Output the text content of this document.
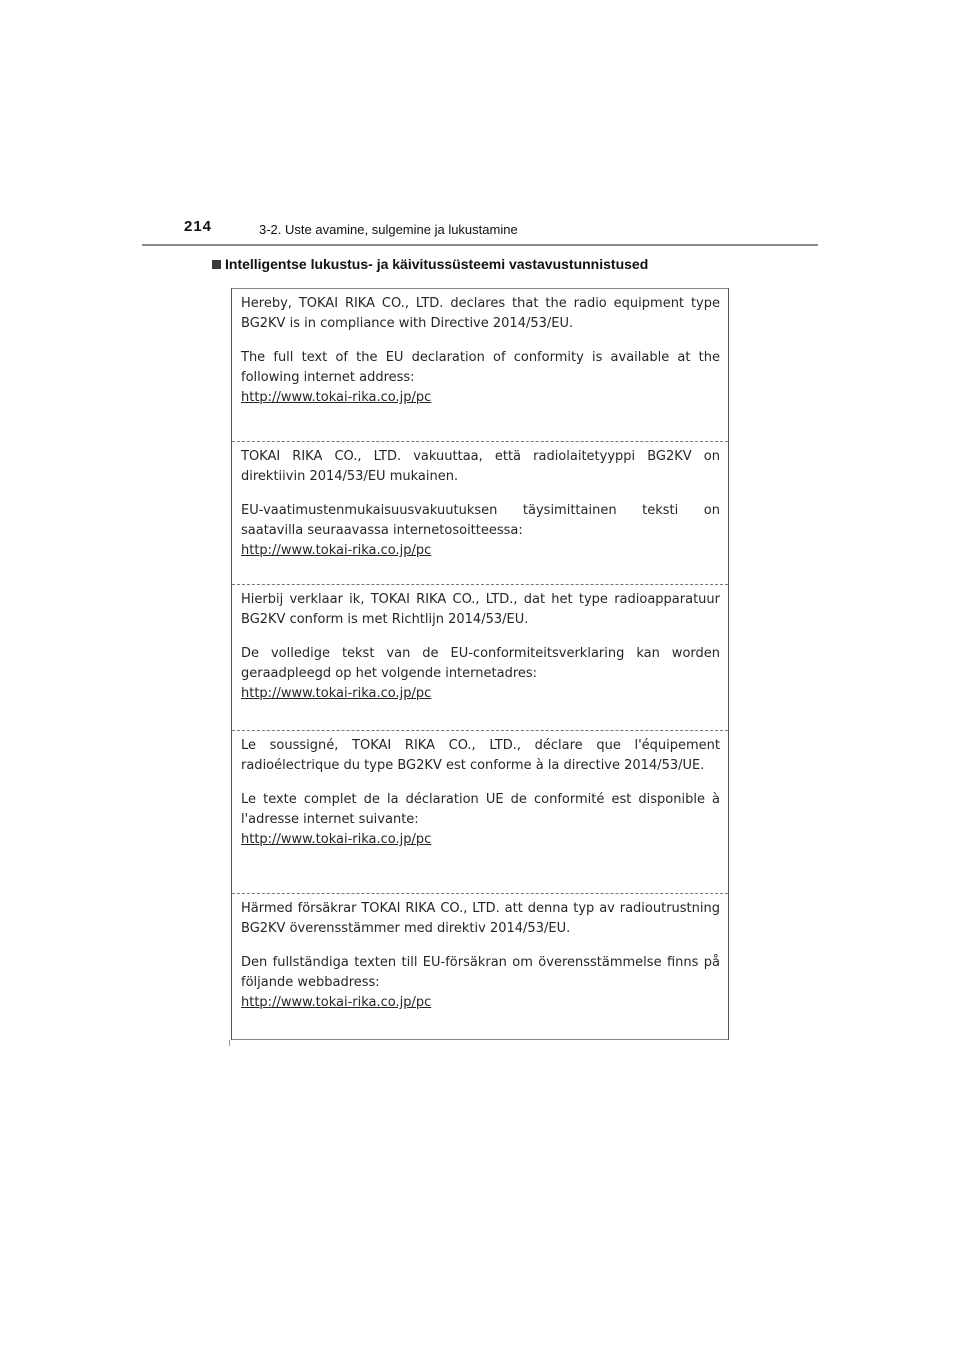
214	3-2. Uste avamine, sulgemine ja lukustamine
Intelligentse lukustus- ja käivitussüsteemi vastavustunnistused

Hereby, TOKAI RIKA CO., LTD. declares that the radio equipment type BG2KV is in compliance with Directive 2014/53/EU.

The full text of the EU declaration of conformity is available at the following internet address:

http://www.tokai-rika.co.jp/pc

TOKAI RIKA CO., LTD. vakuuttaa, että radiolaitetyyppi BG2KV on direktiivin 2014/53/EU mukainen.

EU-vaatimustenmukaisuusvakuutuksen täysimittainen teksti on saatavilla seuraavassa internetosoitteessa:

http://www.tokai-rika.co.jp/pc

Hierbij verklaar ik, TOKAI RIKA CO., LTD., dat het type radioapparatuur BG2KV conform is met Richtlijn 2014/53/EU.

De volledige tekst van de EU-conformiteitsverklaring kan worden geraadpleegd op het volgende internetadres:

http://www.tokai-rika.co.jp/pc

Le soussigné, TOKAI RIKA CO., LTD., déclare que l'équipement radioélectrique du type BG2KV est conforme à la directive 2014/53/UE.

Le texte complet de la déclaration UE de conformité est disponible à l'adresse internet suivante:

http://www.tokai-rika.co.jp/pc

Härmed försäkrar TOKAI RIKA CO., LTD. att denna typ av radioutrustning BG2KV överensstämmer med direktiv 2014/53/EU.

Den fullständiga texten till EU-försäkran om överensstämmelse finns på följande webbadress:

http://www.tokai-rika.co.jp/pc
